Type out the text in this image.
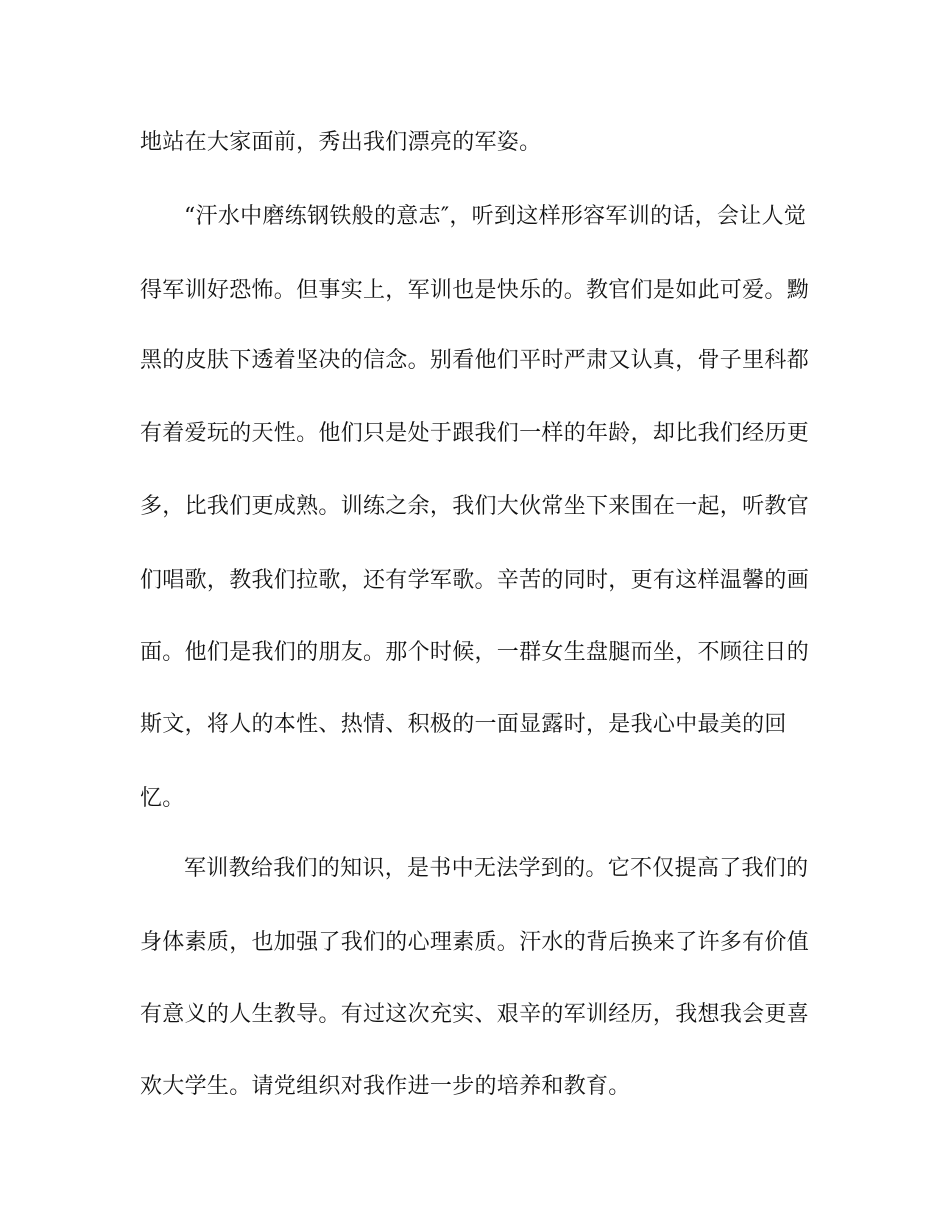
地站在大家面前，秀出我们漂亮的军姿。
“汗水中磨练钢铁般的意志″，听到这样形容军训的话，会让人觉
得军训好恐怖。但事实上，军训也是快乐的。教官们是如此可爱。黝
黑的皮肤下透着坚决的信念。别看他们平时严肃又认真，骨子里科都
有着爱玩的天性。他们只是处于跟我们一样的年龄，却比我们经历更
多，比我们更成熟。训练之余，我们大伙常坐下来围在一起，听教官
们唱歌，教我们拉歌，还有学军歌。辛苦的同时，更有这样温馨的画
面。他们是我们的朋友。那个时候，一群女生盘腿而坐，不顾往日的
斯文，将人的本性、热情、积极的一面显露时，是我心中最美的回
忆。
军训教给我们的知识，是书中无法学到的。它不仅提高了我们的
身体素质，也加强了我们的心理素质。汗水的背后换来了许多有价值
有意义的人生教导。有过这次充实、艰辛的军训经历，我想我会更喜
欢大学生。请党组织对我作进一步的培养和教育。
